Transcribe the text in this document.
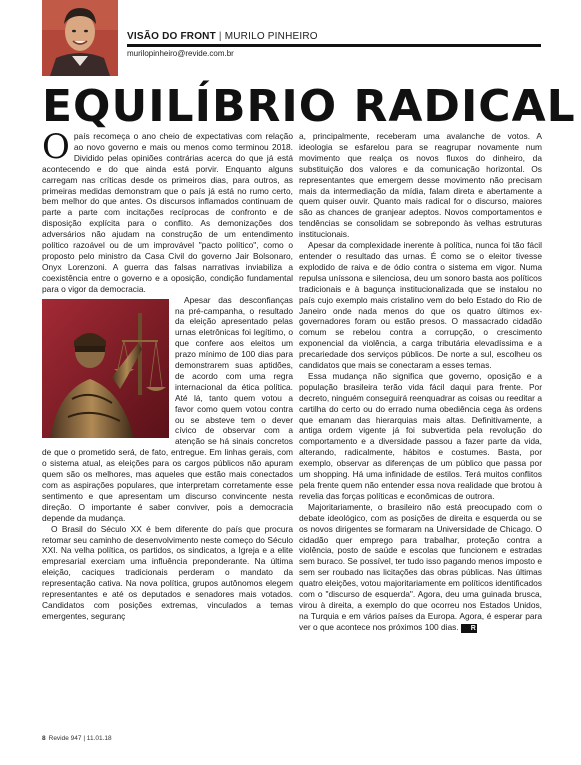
VISÃO DO FRONT | MURILO PINHEIRO
murilopinheiro@revide.com.br
EQUILÍBRIO RADICAL

Opaís recomeça o ano cheio de expectativas com relação ao novo governo e mais ou menos como terminou 2018. Dividido pelas opiniões contrárias acerca do que já está acontecendo e do que ainda está porvir. Enquanto alguns carregam nas críticas desde os primeiros dias, para outros, as primeiras medidas demonstram que o país já está no rumo certo, bem melhor do que antes. Os discursos inflamados continuam de parte a parte com incitações recíprocas de confronto e de disposição explícita para o conflito. As demonizações dos adversários não ajudam na construção de um entendimento político razoável ou de um improvável "pacto político", como o proposto pelo ministro da Casa Civil do governo Jair Bolsonaro, Onyx Lorenzoni. A guerra das falsas narrativas inviabiliza a coexistência entre o governo e a oposição, condição fundamental para o vigor da democracia.

Apesar das desconfianças na pré-campanha, o resultado da eleição apresentado pelas urnas eletrônicas foi legítimo, o que confere aos eleitos um prazo mínimo de 100 dias para demonstrarem suas aptidões, de acordo com uma regra internacional da ética política. Até lá, tanto quem votou a favor como quem votou contra ou se absteve tem o dever cívico de observar com a atenção se há sinais concretos de que o prometido será, de fato, entregue. Em linhas gerais, com o sistema atual, as eleições para os cargos públicos não apuram quem são os melhores, mas aqueles que estão mais conectados com as aspirações populares, que interpretam corretamente esse sentimento e que apresentam um discurso convincente nesta direção. O importante é saber conviver, pois a democracia depende da mudança.

O Brasil do Século XX é bem diferente do país que procura retomar seu caminho de desenvolvimento neste começo do Século XXI. Na velha política, os partidos, os sindicatos, a Igreja e a elite empresarial exerciam uma influência preponderante. Na última eleição, caciques tradicionais perderam o mandato da representação cativa. Na nova política, grupos autônomos elegem representantes e até os deputados e senadores mais votados. Candidatos com posições extremas, vinculados a temas emergentes, seguranç

a, principalmente, receberam uma avalanche de votos. A ideologia se esfarelou para se reagrupar novamente num movimento que realça os novos fluxos do dinheiro, da substituição dos valores e da comunicação horizontal. Os representantes que emergem desse movimento não precisam mais da intermediação da mídia, falam direta e abertamente a quem quiser ouvir. Quanto mais radical for o discurso, maiores são as chances de granjear adeptos. Novos comportamentos e tendências se consolidam se sobrepondo às velhas estruturas institucionais.

Apesar da complexidade inerente à política, nunca foi tão fácil entender o resultado das urnas. É como se o eleitor tivesse explodido de raiva e de ódio contra o sistema em vigor. Numa repulsa uníssona e silenciosa, deu um sonoro basta aos políticos tradicionais e à bagunça institucionalizada que se instalou no país cujo exemplo mais cristalino vem do belo Estado do Rio de Janeiro onde nada menos do que os quatro últimos ex-governadores foram ou estão presos. O massacrado cidadão comum se rebelou contra a corrupção, o crescimento exponencial da violência, a carga tributária elevadíssima e a precariedade dos serviços públicos. De norte a sul, escolheu os candidatos que mais se conectaram a esses temas.

Essa mudança não significa que governo, oposição e a população brasileira terão vida fácil daqui para frente. Por decreto, ninguém conseguirá reenquadrar as coisas ou reeditar a cartilha do certo ou do errado numa obediência cega às ordens que emanam das hierarquias mais altas. Definitivamente, a antiga ordem vigente já foi subvertida pela revolução do comportamento e a diversidade passou a fazer parte da vida, alterando, radicalmente, hábitos e costumes. Basta, por exemplo, observar as diferenças de um público que passa por um shopping. Há uma infinidade de estilos. Terá muitos conflitos pela frente quem não entender essa nova realidade que brotou à revelia das forças políticas e econômicas de outrora.

Majoritariamente, o brasileiro não está preocupado com o debate ideológico, com as posições de direita e esquerda ou se os novos dirigentes se formaram na Universidade de Chicago. O cidadão quer emprego para trabalhar, proteção contra a violência, posto de saúde e escolas que funcionem e estradas sem buraco. Se possível, ter tudo isso pagando menos imposto e sem ser roubado nas licitações das obras públicas. Nas últimas quatro eleições, votou majoritariamente em políticos identificados com o "discurso de esquerda". Agora, deu uma guinada brusca, virou à direita, a exemplo do que ocorreu nos Estados Unidos, na Turquia e em vários países da Europa. Agora, é esperar para ver o que acontece nos próximos 100 dias. R

8 Revide 947 | 11.01.18
